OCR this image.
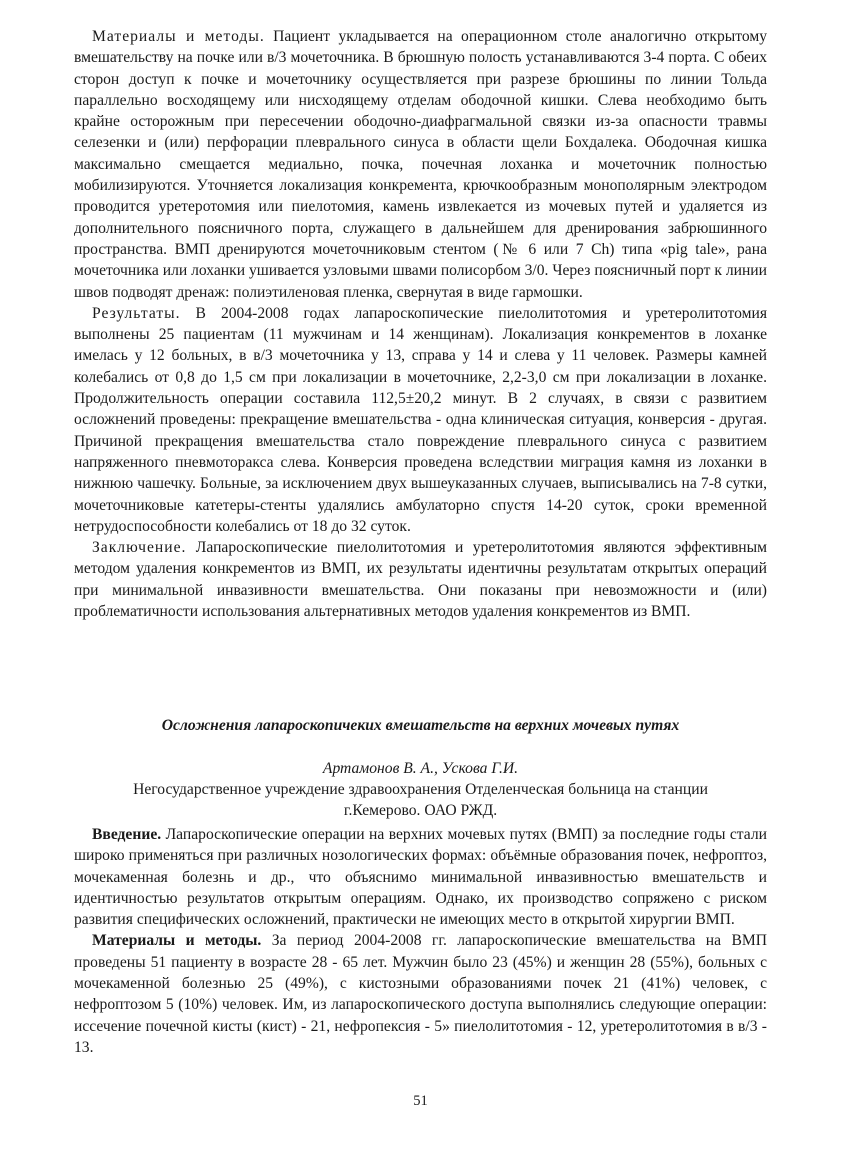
Материалы и методы. Пациент укладывается на операционном столе аналогично открытому вмешательству на почке или в/3 мочеточника. В брюшную полость устанавливаются 3-4 порта. С обеих сторон доступ к почке и мочеточнику осуществляется при разрезе брюшины по линии Тольда параллельно восходящему или нисходящему отделам ободочной кишки. Слева необходимо быть крайне осторожным при пересечении ободочно-диафрагмальной связки из-за опасности травмы селезенки и (или) перфорации плеврального синуса в области щели Бохдалека. Ободочная кишка максимально смещается медиально, почка, почечная лоханка и мочеточник полностью мобилизируются. Уточняется локализация конкремента, крючкообразным монополярным электродом проводится уретеротомия или пиелотомия, камень извлекается из мочевых путей и удаляется из дополнительного поясничного порта, служащего в дальнейшем для дренирования забрюшинного пространства. ВМП дренируются мочеточниковым стентом (№ 6 или 7 Ch) типа «pig tale», рана мочеточника или лоханки ушивается узловыми швами полисорбом 3/0. Через поясничный порт к линии швов подводят дренаж: полиэтиленовая пленка, свернутая в виде гармошки.

Результаты. В 2004-2008 годах лапароскопические пиелолитотомия и уретеролитотомия выполнены 25 пациентам (11 мужчинам и 14 женщинам). Локализация конкрементов в лоханке имелась у 12 больных, в в/3 мочеточника у 13, справа у 14 и слева у 11 человек. Размеры камней колебались от 0,8 до 1,5 см при локализации в мочеточнике, 2,2-3,0 см при локализации в лоханке. Продолжительность операции составила 112,5±20,2 минут. В 2 случаях, в связи с развитием осложнений проведены: прекращение вмешательства - одна клиническая ситуация, конверсия - другая. Причиной прекращения вмешательства стало повреждение плеврального синуса с развитием напряженного пневмоторакса слева. Конверсия проведена вследствии миграция камня из лоханки в нижнюю чашечку. Больные, за исключением двух вышеуказанных случаев, выписывались на 7-8 сутки, мочеточниковые катетеры-стенты удалялись амбулаторно спустя 14-20 суток, сроки временной нетрудоспособности колебались от 18 до 32 суток.

Заключение. Лапароскопические пиелолитотомия и уретеролитотомия являются эффективным методом удаления конкрементов из ВМП, их результаты идентичны результатам открытых операций при минимальной инвазивности вмешательства. Они показаны при невозможности и (или) проблематичности использования альтернативных методов удаления конкрементов из ВМП.

Осложнения лапароскопичеких вмешательств на верхних мочевых путях
Артамонов В. А., Ускова Г.И.
Негосударственное учреждение здравоохранения Отделенческая больница на станции
г.Кемерово. ОАО РЖД.

Введение. Лапароскопические операции на верхних мочевых путях (ВМП) за последние годы стали широко применяться при различных нозологических формах: объёмные образования почек, нефроптоз, мочекаменная болезнь и др., что объяснимо минимальной инвазивностью вмешательств и идентичностью результатов открытым операциям. Однако, их производство сопряжено с риском развития специфических осложнений, практически не имеющих место в открытой хирургии ВМП.

Материалы и методы. За период 2004-2008 гг. лапароскопические вмешательства на ВМП проведены 51 пациенту в возрасте 28 - 65 лет. Мужчин было 23 (45%) и женщин 28 (55%), больных с мочекаменной болезнью 25 (49%), с кистозными образованиями почек 21 (41%) человек, с нефроптозом 5 (10%) человек. Им, из лапароскопического доступа выполнялись следующие операции: иссечение почечной кисты (кист) - 21, нефропексия - 5» пиелолитотомия - 12, уретеролитотомия в в/3 - 13.

51
